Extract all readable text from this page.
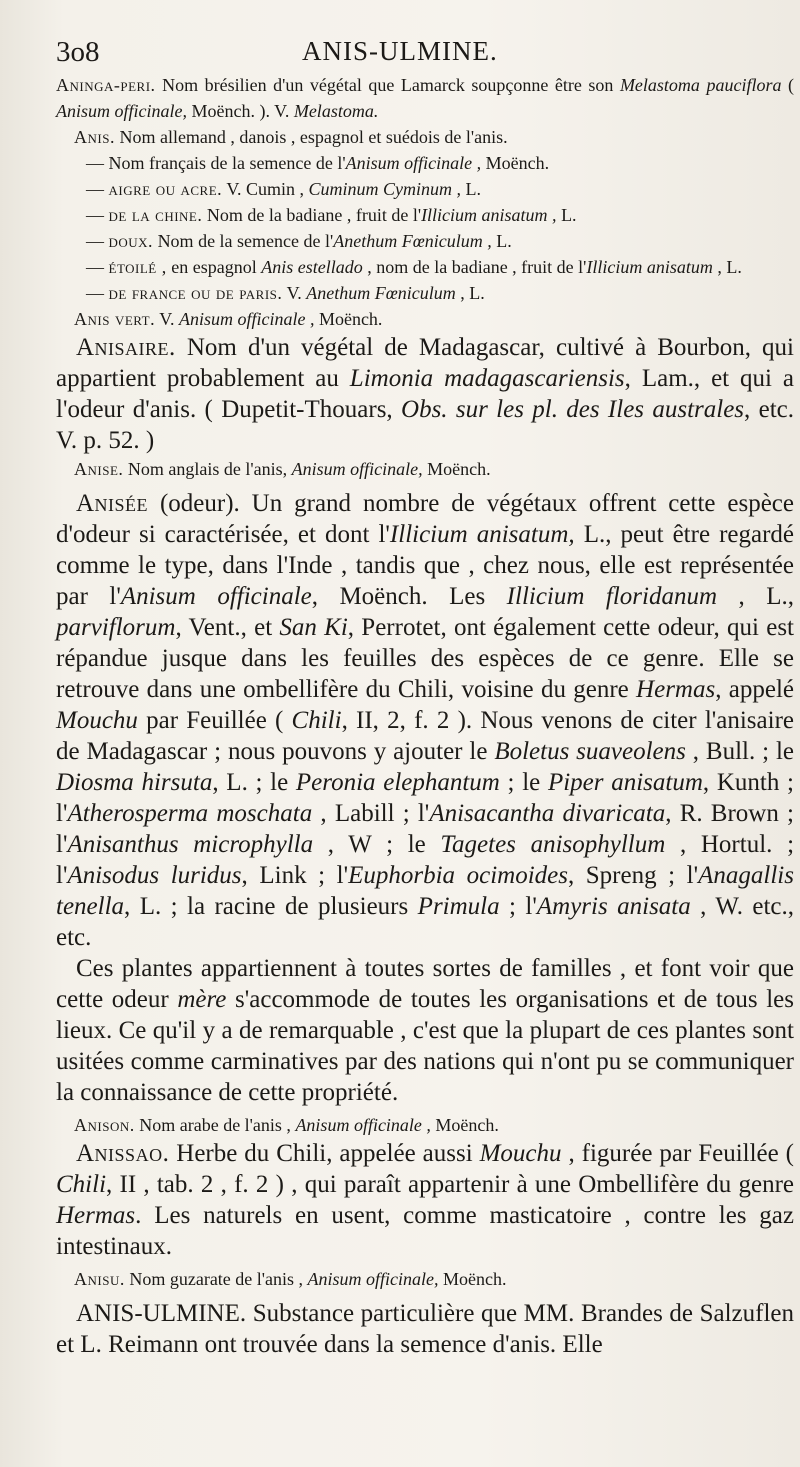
3o8	ANIS-ULMINE.

Aninga-peri. Nom brésilien d'un végétal que Lamarck soupçonne être son Melastoma pauciflora ( Anisum officinale, Moënch. ). V. Melastoma.

Anis. Nom allemand , danois , espagnol et suédois de l'anis.

— Nom français de la semence de l'Anisum officinale , Moënch.

— aigre ou acre. V. Cumin , Cuminum Cyminum , L.

— de la chine. Nom de la badiane , fruit de l'Illicium anisatum , L.

— doux. Nom de la semence de l'Anethum Fœniculum , L.

— étoilé , en espagnol Anis estellado , nom de la badiane , fruit de l'Illicium anisatum , L.

— de france ou de paris. V. Anethum Fœniculum , L.

Anis vert. V. Anisum officinale , Moënch.

Anisaire. Nom d'un végétal de Madagascar, cultivé à Bourbon, qui appartient probablement au Limonia madagascariensis, Lam., et qui a l'odeur d'anis. ( Dupetit-Thouars, Obs. sur les pl. des Iles australes, etc. V. p. 52. )

Anise. Nom anglais de l'anis, Anisum officinale, Moënch.

Anisée (odeur). Un grand nombre de végétaux offrent cette espèce d'odeur si caractérisée, et dont l'Illicium anisatum, L., peut être regardé comme le type, dans l'Inde , tandis que , chez nous, elle est représentée par l'Anisum officinale, Moënch. Les Illicium floridanum , L., parviflorum, Vent., et San Ki, Perrotet, ont également cette odeur, qui est répandue jusque dans les feuilles des espèces de ce genre. Elle se retrouve dans une ombellifère du Chili, voisine du genre Hermas, appelé Mouchu par Feuillée ( Chili, II, 2, f. 2 ). Nous venons de citer l'anisaire de Madagascar ; nous pouvons y ajouter le Boletus suaveolens , Bull. ; le Diosma hirsuta, L. ; le Peronia elephantum ; le Piper anisatum, Kunth ; l'Atherosperma moschata , Labill ; l'Anisacantha divaricata, R. Brown ; l'Anisanthus microphylla , W ; le Tagetes anisophyllum , Hortul. ; l'Anisodus luridus, Link ; l'Euphorbia ocimoides, Spreng ; l'Anagallis tenella, L. ; la racine de plusieurs Primula ; l'Amyris anisata , W. etc., etc.

Ces plantes appartiennent à toutes sortes de familles , et font voir que cette odeur mère s'accommode de toutes les organisations et de tous les lieux. Ce qu'il y a de remarquable , c'est que la plupart de ces plantes sont usitées comme carminatives par des nations qui n'ont pu se communiquer la connaissance de cette propriété.

Anison. Nom arabe de l'anis , Anisum officinale , Moënch.

Anissao. Herbe du Chili, appelée aussi Mouchu , figurée par Feuillée ( Chili, II , tab. 2 , f. 2 ) , qui paraît appartenir à une Ombellifère du genre Hermas. Les naturels en usent, comme masticatoire , contre les gaz intestinaux.

Anisu. Nom guzarate de l'anis , Anisum officinale, Moënch.

ANIS-ULMINE. Substance particulière que MM. Brandes de Salzuflen et L. Reimann ont trouvée dans la semence d'anis. Elle
